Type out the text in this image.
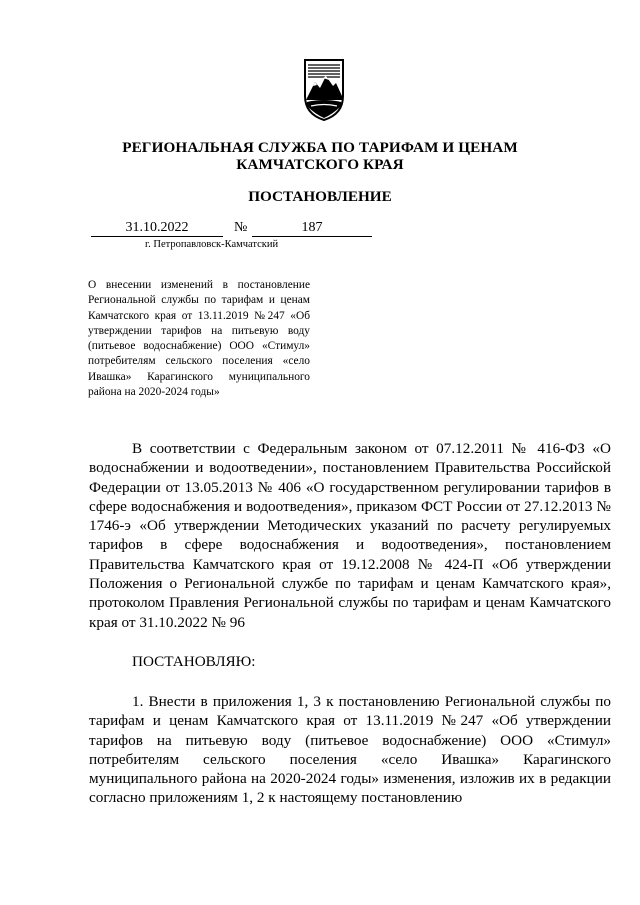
РЕГИОНАЛЬНАЯ СЛУЖБА ПО ТАРИФАМ И ЦЕНАМ
КАМЧАТСКОГО КРАЯ
ПОСТАНОВЛЕНИЕ
31.10.2022	№	187
г. Петропавловск-Камчатский
О внесении изменений в постановление Региональной службы по тарифам и ценам Камчатского края от 13.11.2019 №247 «Об утверждении тарифов на питьевую воду (питьевое водоснабжение) ООО «Стимул» потребителям сельского поселения «село Ивашка» Карагинского муниципального района на 2020-2024 годы»

В соответствии с Федеральным законом от 07.12.2011 № 416-ФЗ «О водоснабжении и водоотведении», постановлением Правительства Российской Федерации от 13.05.2013 № 406 «О государственном регулировании тарифов в сфере водоснабжения и водоотведения», приказом ФСТ России от 27.12.2013 № 1746-э «Об утверждении Методических указаний по расчету регулируемых тарифов в сфере водоснабжения и водоотведения», постановлением Правительства Камчатского края от 19.12.2008 № 424-П «Об утверждении Положения о Региональной службе по тарифам и ценам Камчатского края», протоколом Правления Региональной службы по тарифам и ценам Камчатского края от 31.10.2022 № 96

ПОСТАНОВЛЯЮ:

1. Внести в приложения 1, 3 к постановлению Региональной службы по тарифам и ценам Камчатского края от 13.11.2019 №247 «Об утверждении тарифов на питьевую воду (питьевое водоснабжение) ООО «Стимул» потребителям сельского поселения «село Ивашка» Карагинского муниципального района на 2020-2024 годы» изменения, изложив их в редакции согласно приложениям 1, 2 к настоящему постановлению
